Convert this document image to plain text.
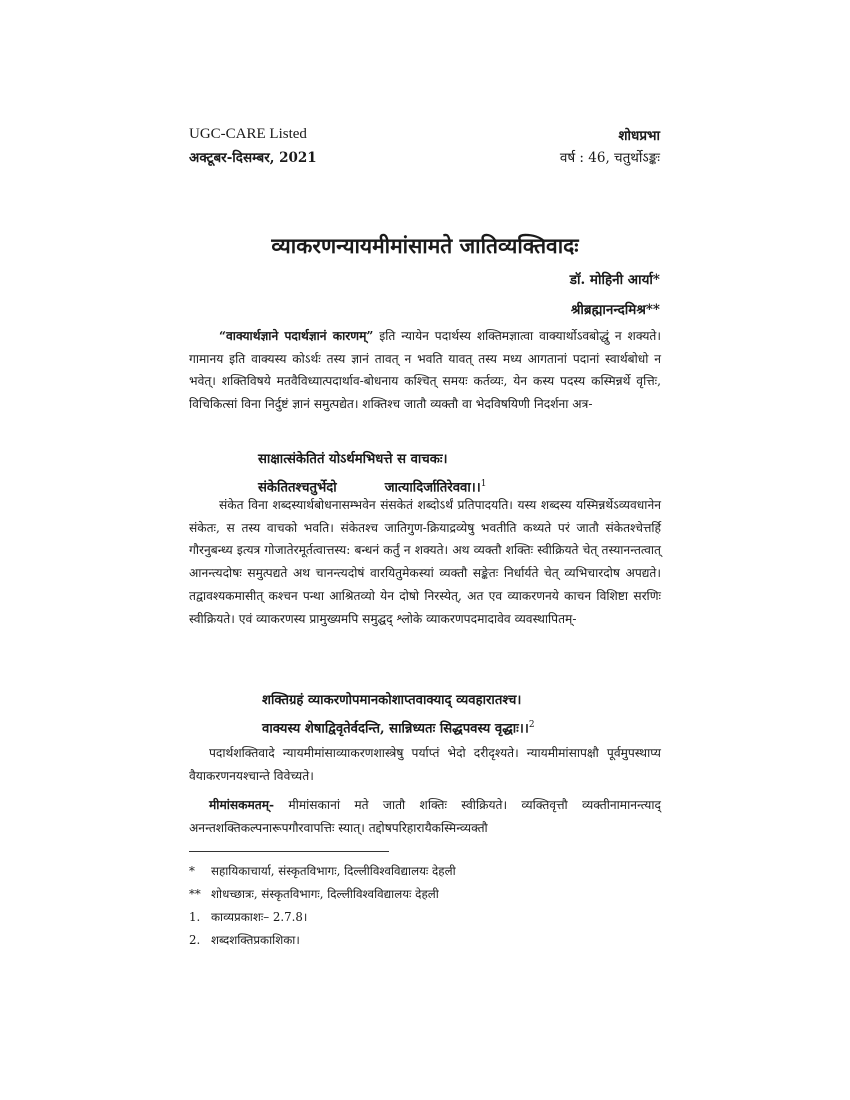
UGC-CARE Listed
अक्टूबर-दिसम्बर, 2021
शोधप्रभा
वर्ष : 46, चतुर्थोऽङ्कः
व्याकरणन्यायमीमांसामते जातिव्यक्तिवादः
डॉ. मोहिनी आर्या*
श्रीब्रह्मानन्दमिश्र**
“वाक्यार्थज्ञाने पदार्थज्ञानं कारणम्” इति न्यायेन पदार्थस्य शक्तिमज्ञात्वा वाक्यार्थोऽवबोद्धुं न शक्यते। गामानय इति वाक्यस्य कोऽर्थः तस्य ज्ञानं तावत् न भवति यावत् तस्य मध्य आगतानां पदानां स्वार्थबोधो न भवेत्। शक्तिविषये मतवैविध्यात्पदार्थाव-बोधनाय कश्चित् समयः कर्तव्यः, येन कस्य पदस्य कस्मिन्नर्थे वृत्तिः, विचिकित्सां विना निर्दुष्टं ज्ञानं समुत्पद्येत। शक्तिश्च जातौ व्यक्तौ वा भेदविषयिणी निदर्शना अत्र-
साक्षात्संकेतितं योऽर्थमभिधत्ते स वाचकः।
संकेतितश्चतुर्भेदो	जात्यादिर्जातिरेववा।।$^1$
संकेत विना शब्दस्यार्थबोधनासम्भवेन संसकेतं शब्दोऽर्थं प्रतिपादयति। यस्य शब्दस्य यस्मिन्नर्थेऽव्यवधानेन संकेतः, स तस्य वाचको भवति। संकेतश्च जातिगुण-क्रियाद्रव्येषु भवतीति कथ्यते परं जातौ संकेतश्चेत्तर्हि गौरनुबन्ध्य इत्यत्र गोजातेरमूर्तत्वात्तस्य: बन्धनं कर्तुं न शक्यते। अथ व्यक्तौ शक्तिः स्वीक्रियते चेत् तस्यानन्तत्वात् आनन्त्यदोषः समुत्पद्यते अथ चानन्त्यदोषं वारयितुमेकस्यां व्यक्तौ सङ्केतः निर्धार्यते चेत् व्यभिचारदोष अपद्यते। तद्वावश्यकमासीत् कश्चन पन्था आश्रितव्यो येन दोषो निरस्येत्, अत एव व्याकरणनये काचन विशिष्टा सरणिः स्वीक्रियते। एवं व्याकरणस्य प्रामुख्यमपि समुद्घद् श्लोके व्याकरणपदमादावेव व्यवस्थापितम्-
शक्तिग्रहं व्याकरणोपमानकोशाप्तवाक्याद् व्यवहारातश्च।
वाक्यस्य शेषाद्विवृतेर्वदन्ति, सान्निध्यतः सिद्धपवस्य वृद्धाः।।$^2$
पदार्थशक्तिवादे न्यायमीमांसाव्याकरणशास्त्रेषु पर्याप्तं भेदो दरीदृश्यते। न्यायमीमांसापक्षौ पूर्वमुपस्थाप्य वैयाकरणनयश्चान्ते विवेच्यते।
मीमांसकमतम्- मीमांसकानां मते जातौ शक्तिः स्वीक्रियते। व्यक्तिवृत्तौ व्यक्तीनामानन्त्याद् अनन्तशक्तिकल्पनारूपगौरवापत्तिः स्यात्। तद्दोषपरिहारायैकस्मिन्व्यक्तौ
*	सहायिकाचार्या, संस्कृतविभागः, दिल्लीविश्वविद्यालयः देहली
** शोधच्छात्रः, संस्कृतविभागः, दिल्लीविश्वविद्यालयः देहली
1. काव्यप्रकाशः– 2.7.8।
2. शब्दशक्तिप्रकाशिका।
